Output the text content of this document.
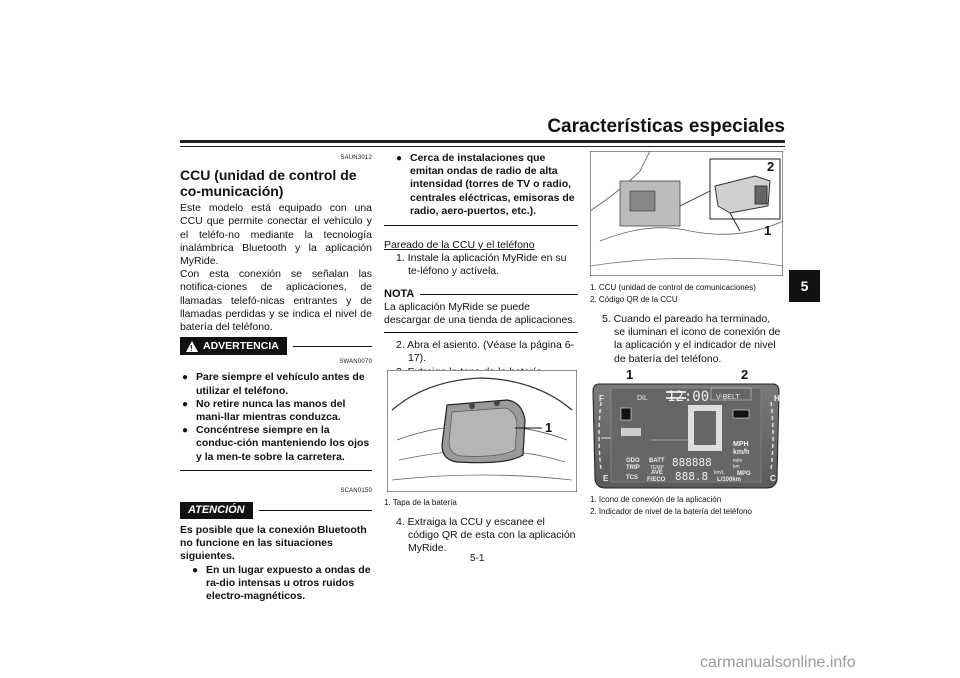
Características especiales
5
SAUN3012
CCU (unidad de control de co-municación)

Este modelo está equipado con una CCU que permite conectar el vehículo y el teléfo-no mediante la tecnología inalámbrica Bluetooth y la aplicación MyRide.

Con esta conexión se señalan las notifica-ciones de aplicaciones, de llamadas telefó-nicas entrantes y de llamadas perdidas y se indica el nivel de batería del teléfono.

! ADVERTENCIA
SWAN0070
● Pare siempre el vehículo antes de utilizar el teléfono.
● No retire nunca las manos del mani-llar mientras conduzca.
● Concéntrese siempre en la conduc-ción manteniendo los ojos y la men-te sobre la carretera.
SCAN0150
ATENCIÓN

Es posible que la conexión Bluetooth no funcione en las situaciones siguientes.

● En un lugar expuesto a ondas de ra-dio intensas u otros ruidos electro-magnéticos.
● Cerca de instalaciones que emitan ondas de radio de alta intensidad (torres de TV o radio, centrales eléctricas, emisoras de radio, aero-puertos, etc.).
Pareado de la CCU y el teléfono
1. Instale la aplicación MyRide en su te-léfono y actívela.
NOTA

La aplicación MyRide se puede descargar de una tienda de aplicaciones.

2. Abra el asiento. (Véase la página 6-17).
1
1. Tapa de la batería
4. Extraiga la CCU y escanee el código QR de esta con la aplicación MyRide.
2
1
1. CCU (unidad de control de comunicaciones)
2. Código QR de la CCU
5. Cuando el pareado ha terminado, se iluminan el icono de conexión de la aplicación y el indicador de nivel de batería del teléfono.
1	2
F	H
E	C
DIL 12:00 V-BELT
MPH
km/h
ODO
TRIP
BATT
TEMP 888888	mile
km
TCS
AVE
F/ECO 888.8 km/L MPG
L/100km
1. Icono de conexión de la aplicación
2. Indicador de nivel de la batería del teléfono
5-1
carmanualsonline.info
